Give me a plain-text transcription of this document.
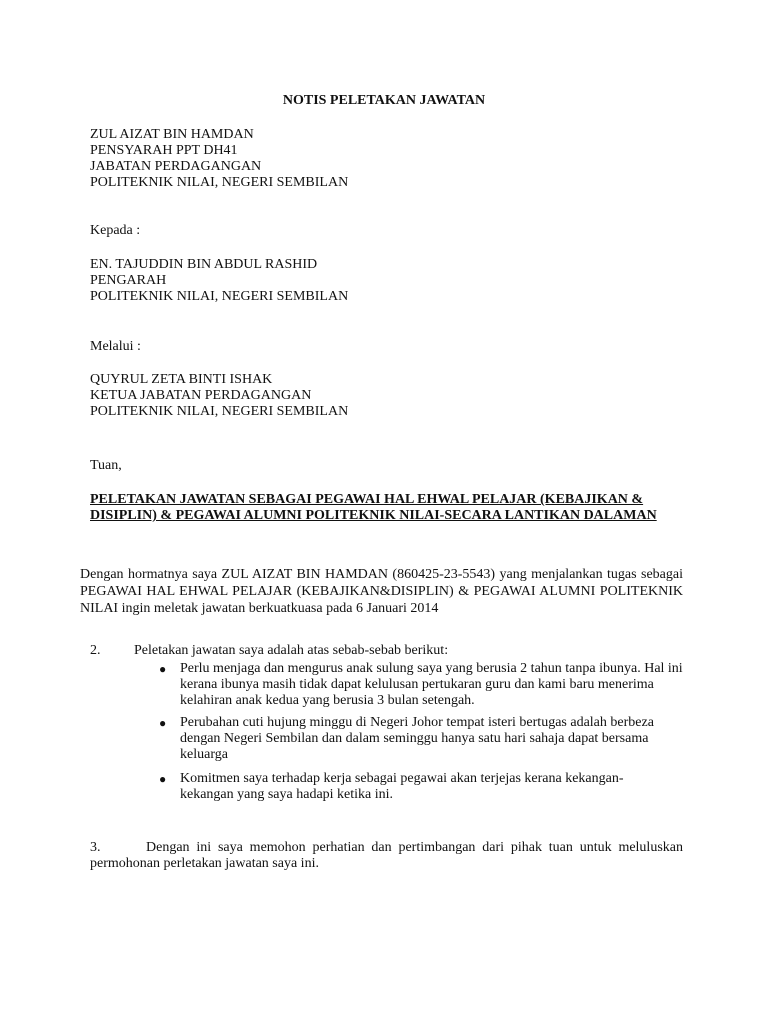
NOTIS PELETAKAN JAWATAN
ZUL AIZAT BIN HAMDAN
PENSYARAH PPT DH41
JABATAN PERDAGANGAN
POLITEKNIK NILAI, NEGERI SEMBILAN
Kepada :
EN. TAJUDDIN BIN ABDUL RASHID
PENGARAH
POLITEKNIK NILAI, NEGERI SEMBILAN
Melalui :
QUYRUL ZETA BINTI ISHAK
KETUA JABATAN PERDAGANGAN
POLITEKNIK NILAI, NEGERI SEMBILAN
Tuan,
PELETAKAN JAWATAN SEBAGAI PEGAWAI HAL EHWAL PELAJAR (KEBAJIKAN &
DISIPLIN) & PEGAWAI ALUMNI POLITEKNIK NILAI-SECARA LANTIKAN DALAMAN
Dengan hormatnya saya ZUL AIZAT BIN HAMDAN (860425-23-5543) yang menjalankan tugas sebagai PEGAWAI HAL EHWAL PELAJAR (KEBAJIKAN&DISIPLIN) & PEGAWAI ALUMNI POLITEKNIK NILAI ingin meletak jawatan berkuatkuasa pada 6 Januari 2014
2. Peletakan jawatan saya adalah atas sebab-sebab berikut:
● Perlu menjaga dan mengurus anak sulung saya yang berusia 2 tahun tanpa ibunya. Hal ini kerana ibunya masih tidak dapat kelulusan pertukaran guru dan kami baru menerima kelahiran anak kedua yang berusia 3 bulan setengah.
● Perubahan cuti hujung minggu di Negeri Johor tempat isteri bertugas adalah berbeza dengan Negeri Sembilan dan dalam seminggu hanya satu hari sahaja dapat bersama keluarga
● Komitmen saya terhadap kerja sebagai pegawai akan terjejas kerana kekangan-kekangan yang saya hadapi ketika ini.
3.	Dengan ini saya memohon perhatian dan pertimbangan dari pihak tuan untuk meluluskan permohonan perletakan jawatan saya ini.
